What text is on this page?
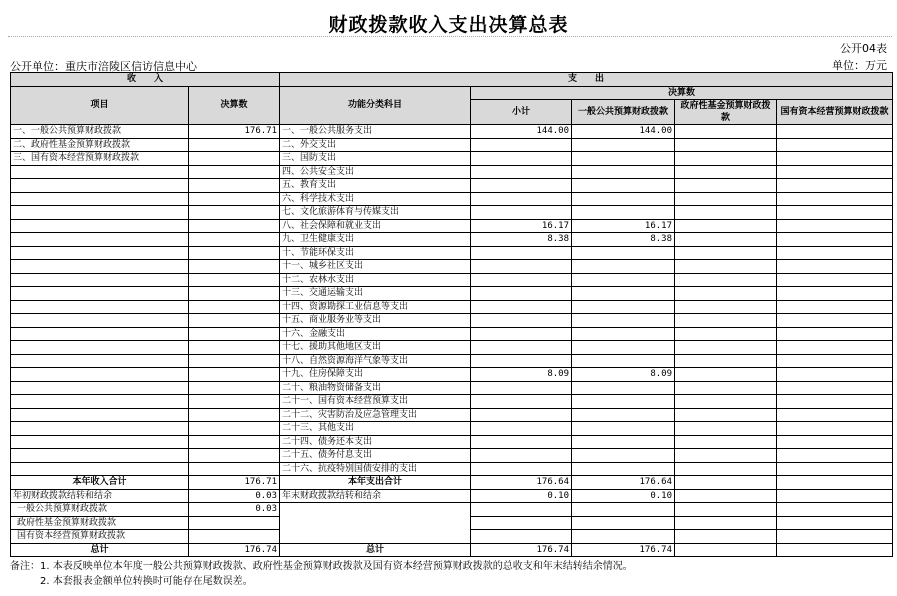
财政拨款收入支出决算总表
公开04表
单位：万元
公开单位：重庆市涪陵区信访信息中心
收　　入		支　　出				
项目	决算数	功能分类科目	决算数			
			小计	一般公共预算财政拨款	政府性基金预算财政拨款	国有资本经营预算财政拨款

一、一般公共预算财政拨款	176.71	一、一般公共服务支出	144.00	144.00		
二、政府性基金预算财政拨款		二、外交支出				
三、国有资本经营预算财政拨款		三、国防支出				
		四、公共安全支出				
		五、教育支出				
		六、科学技术支出				
		七、文化旅游体育与传媒支出				
		八、社会保障和就业支出	16.17	16.17		
		九、卫生健康支出	8.38	8.38		
		十、节能环保支出				
		十一、城乡社区支出				
		十二、农林水支出				
		十三、交通运输支出				
		十四、资源勘探工业信息等支出				
		十五、商业服务业等支出				
		十六、金融支出				
		十七、援助其他地区支出				
		十八、自然资源海洋气象等支出				
		十九、住房保障支出	8.09	8.09		
		二十、粮油物资储备支出				
		二十一、国有资本经营预算支出				
		二十二、灾害防治及应急管理支出				
		二十三、其他支出				
		二十四、债务还本支出				
		二十五、债务付息支出				
		二十六、抗疫特别国债安排的支出				
本年收入合计	176.71	本年支出合计	176.64	176.64		
年初财政拨款结转和结余	0.03	年末财政拨款结转和结余	0.10	0.10		
一般公共预算财政拨款	0.03					
政府性基金预算财政拨款						
国有资本经营预算财政拨款						
总计	176.74	总计	176.74	176.74		
备注：1. 本表反映单位本年度一般公共预算财政拨款、政府性基金预算财政拨款及国有资本经营预算财政拨款的总收支和年末结转结余情况。
　　　2. 本套报表金额单位转换时可能存在尾数误差。
